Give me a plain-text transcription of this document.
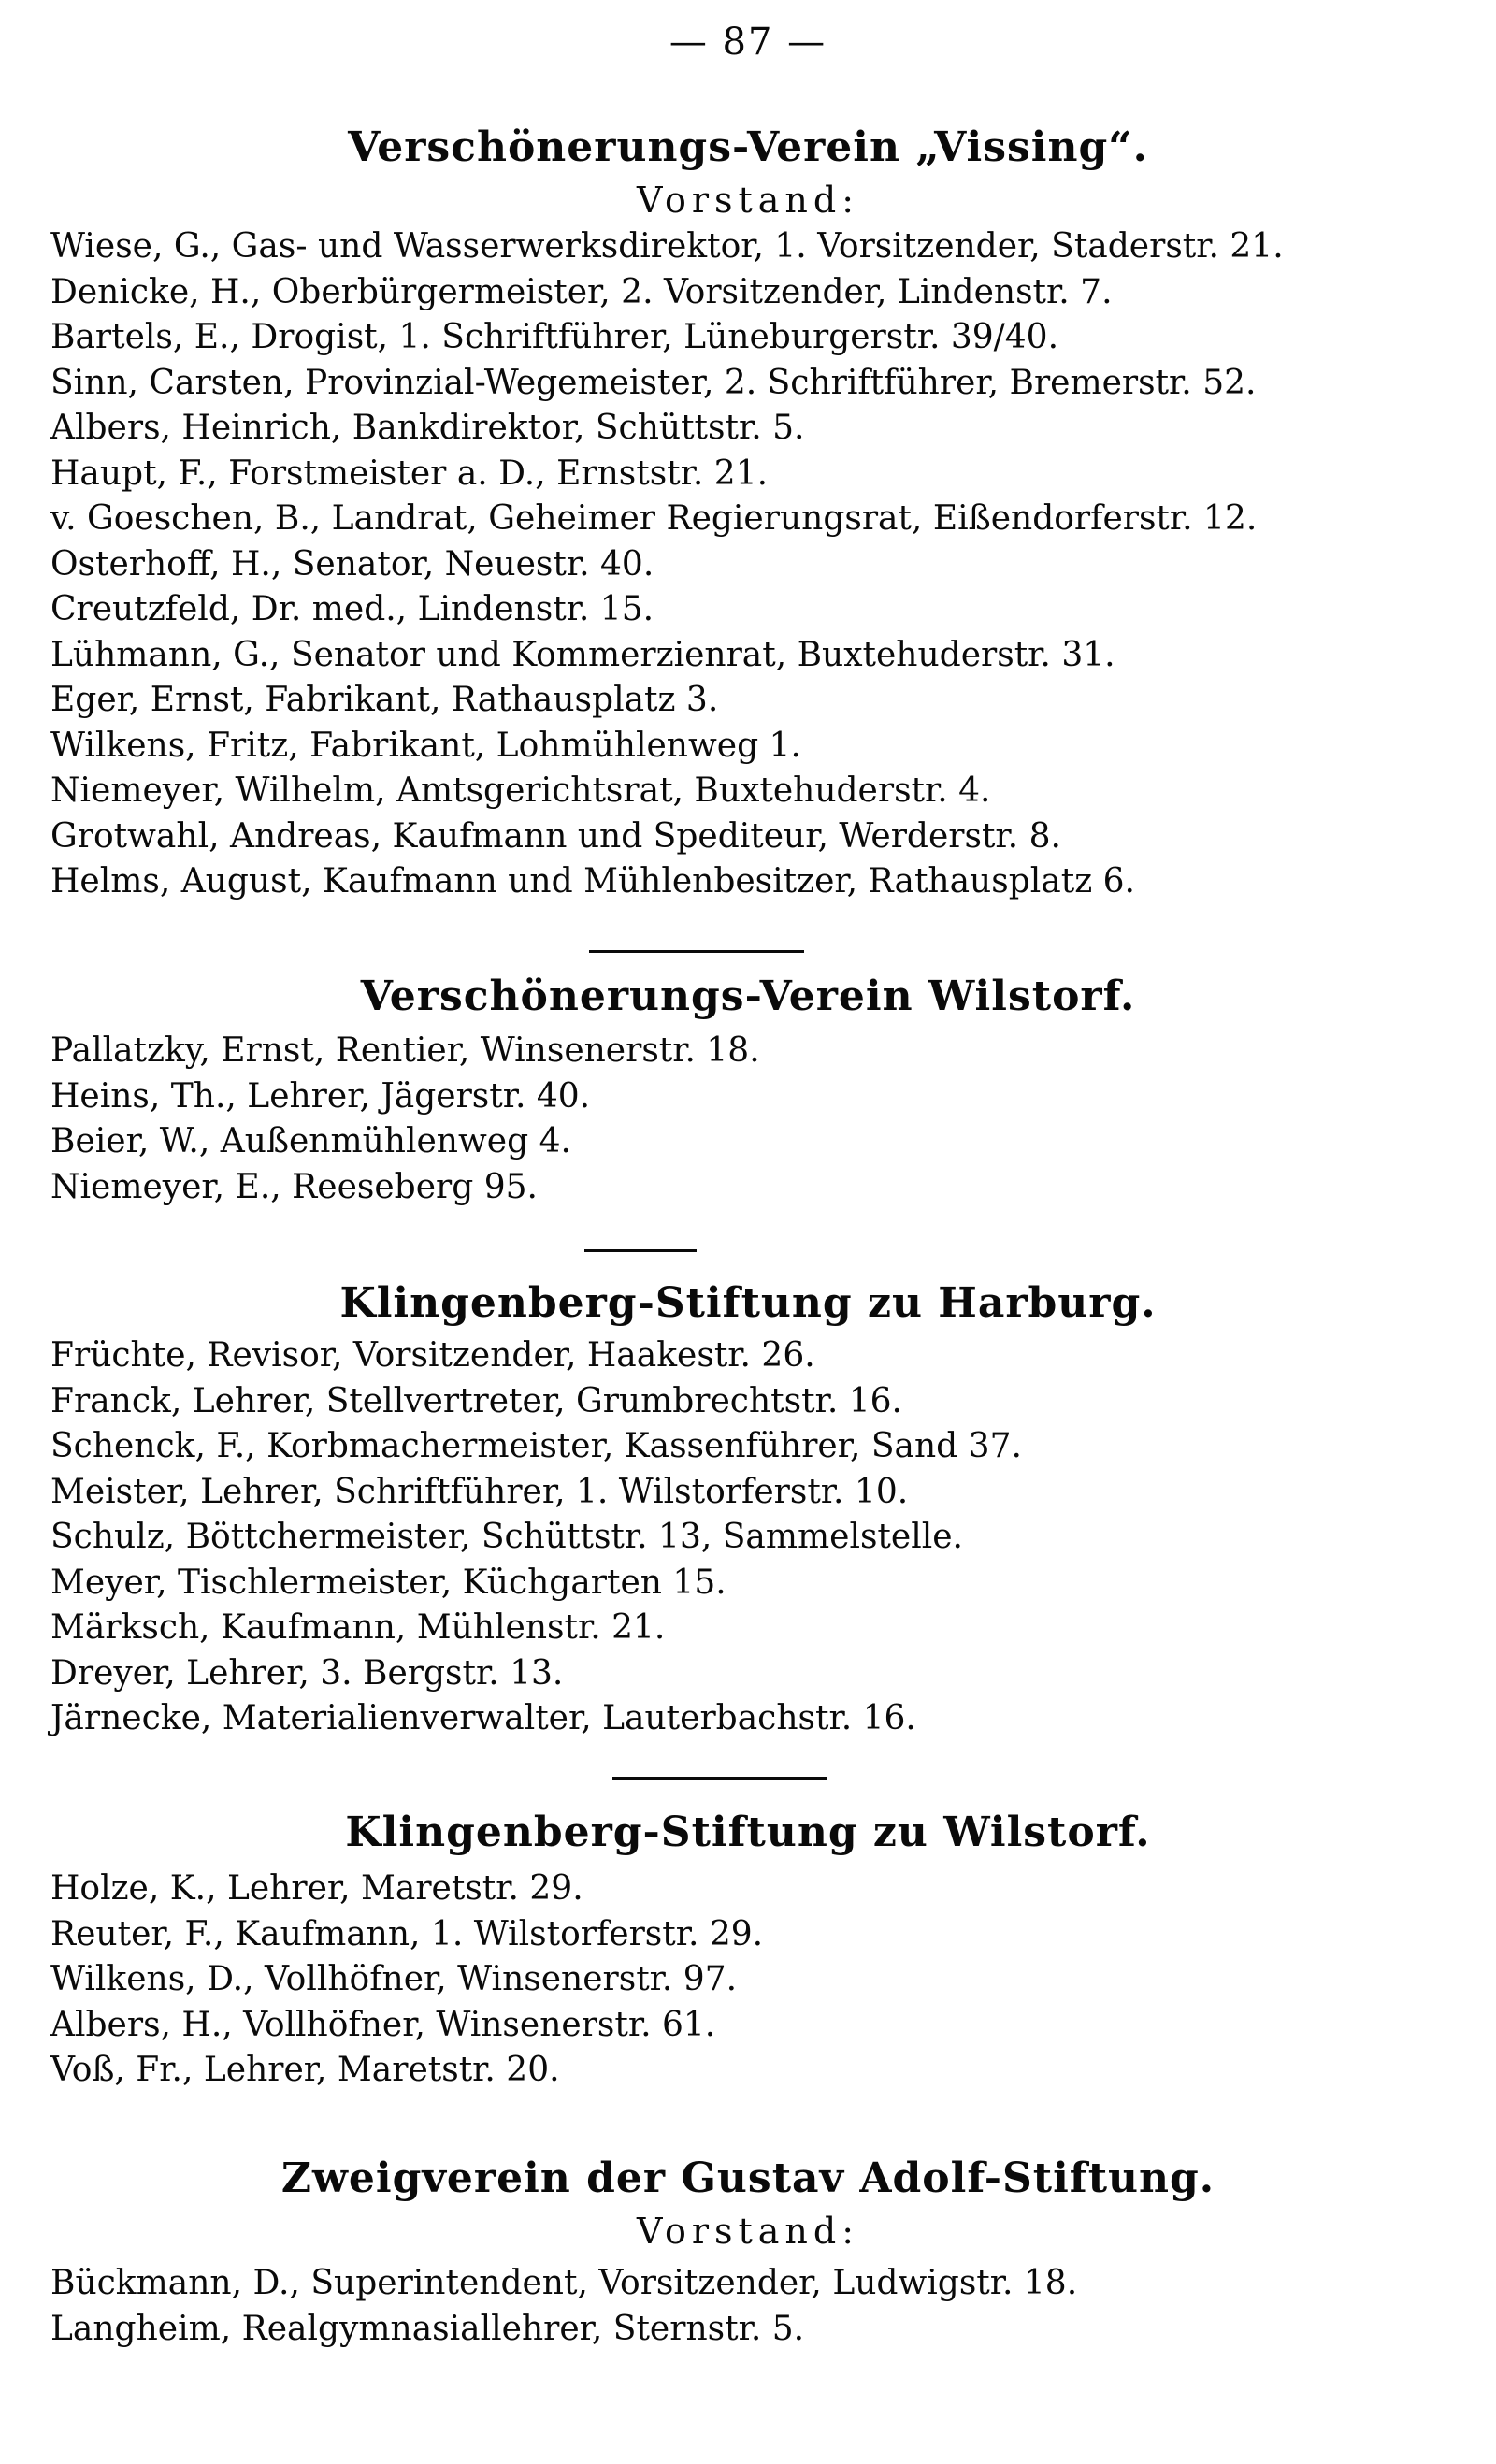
— 87 —
Verschönerungs-Verein „Vissing“.
Vorstand:
Wiese, G., Gas- und Wasserwerksdirektor, 1. Vorsitzender, Staderstr. 21.
Denicke, H., Oberbürgermeister, 2. Vorsitzender, Lindenstr. 7.
Bartels, E., Drogist, 1. Schriftführer, Lüneburgerstr. 39/40.
Sinn, Carsten, Provinzial-Wegemeister, 2. Schriftführer, Bremerstr. 52.
Albers, Heinrich, Bankdirektor, Schüttstr. 5.
Haupt, F., Forstmeister a. D., Ernststr. 21.
v. Goeschen, B., Landrat, Geheimer Regierungsrat, Eißendorferstr. 12.
Osterhoff, H., Senator, Neuestr. 40.
Creutzfeld, Dr. med., Lindenstr. 15.
Lühmann, G., Senator und Kommerzienrat, Buxtehuderstr. 31.
Eger, Ernst, Fabrikant, Rathausplatz 3.
Wilkens, Fritz, Fabrikant, Lohmühlenweg 1.
Niemeyer, Wilhelm, Amtsgerichtsrat, Buxtehuderstr. 4.
Grotwahl, Andreas, Kaufmann und Spediteur, Werderstr. 8.
Helms, August, Kaufmann und Mühlenbesitzer, Rathausplatz 6.
Verschönerungs-Verein Wilstorf.
Pallatzky, Ernst, Rentier, Winsenerstr. 18.
Heins, Th., Lehrer, Jägerstr. 40.
Beier, W., Außenmühlenweg 4.
Niemeyer, E., Reeseberg 95.
Klingenberg-Stiftung zu Harburg.
Früchte, Revisor, Vorsitzender, Haakestr. 26.
Franck, Lehrer, Stellvertreter, Grumbrechtstr. 16.
Schenck, F., Korbmachermeister, Kassenführer, Sand 37.
Meister, Lehrer, Schriftführer, 1. Wilstorferstr. 10.
Schulz, Böttchermeister, Schüttstr. 13, Sammelstelle.
Meyer, Tischlermeister, Küchgarten 15.
Märksch, Kaufmann, Mühlenstr. 21.
Dreyer, Lehrer, 3. Bergstr. 13.
Järnecke, Materialienverwalter, Lauterbachstr. 16.
Klingenberg-Stiftung zu Wilstorf.
Holze, K., Lehrer, Maretstr. 29.
Reuter, F., Kaufmann, 1. Wilstorferstr. 29.
Wilkens, D., Vollhöfner, Winsenerstr. 97.
Albers, H., Vollhöfner, Winsenerstr. 61.
Voß, Fr., Lehrer, Maretstr. 20.
Zweigverein der Gustav Adolf-Stiftung.
Vorstand:
Bückmann, D., Superintendent, Vorsitzender, Ludwigstr. 18.
Langheim, Realgymnasiallehrer, Sternstr. 5.
